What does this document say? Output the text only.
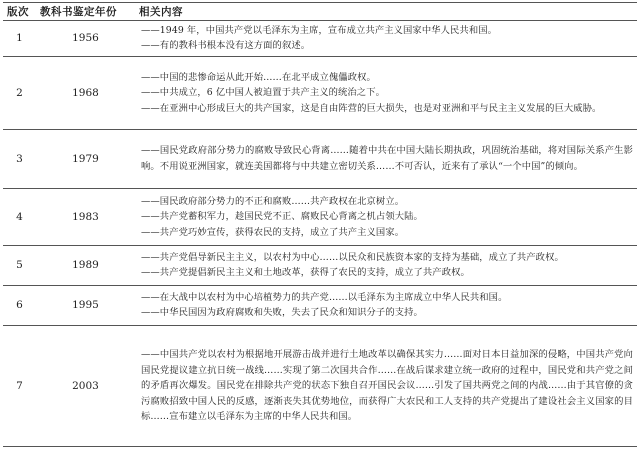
版次	教科书鉴定年份	相关内容
1	1956	——1949 年，中国共产党以毛泽东为主席，宣布成立共产主义国家中华人民共和国。
——有的教科书根本没有这方面的叙述。

2	1968	——中国的悲惨命运从此开始……在北平成立傀儡政权。
——中共成立，6 亿中国人被迫置于共产主义的统治之下。
——在亚洲中心形成巨大的共产国家，这是自由阵营的巨大损失，也是对亚洲和平与民主主义发展的巨大威胁。

3	1979	——国民党政府部分势力的腐败导致民心背离……随着中共在中国大陆长期执政，巩固统治基础，将对国际关系产生影响。不用说亚洲国家，就连美国都将与中共建立密切关系……不可否认，近来有了承认“一个中国”的倾向。

4	1983	——国民政府部分势力的不正和腐败……共产政权在北京树立。
——共产党蓄积军力，趁国民党不正、腐败民心背离之机占领大陆。
——共产党巧妙宣传，获得农民的支持，成立了共产主义国家。

5	1989	——共产党倡导新民主主义，以农村为中心……以民众和民族资本家的支持为基础，成立了共产政权。
——共产党提倡新民主主义和土地改革，获得了农民的支持，成立了共产政权。

6	1995	——在大战中以农村为中心培植势力的共产党……以毛泽东为主席成立中华人民共和国。
——中华民国因为政府腐败和失败，失去了民众和知识分子的支持。

7	2003	——中国共产党以农村为根据地开展游击战并进行土地改革以确保其实力……面对日本日益加深的侵略，中国共产党向国民党提议建立抗日统一战线……实现了第二次国共合作……在战后谋求建立统一政府的过程中，国民党和共产党之间的矛盾再次爆发。国民党在排除共产党的状态下独自召开国民会议……引发了国共两党之间的内战……由于其官僚的贪污腐败招致中国人民的反感，逐渐丧失其优势地位，而获得广大农民和工人支持的共产党提出了建设社会主义国家的目标……宣布建立以毛泽东为主席的中华人民共和国。
